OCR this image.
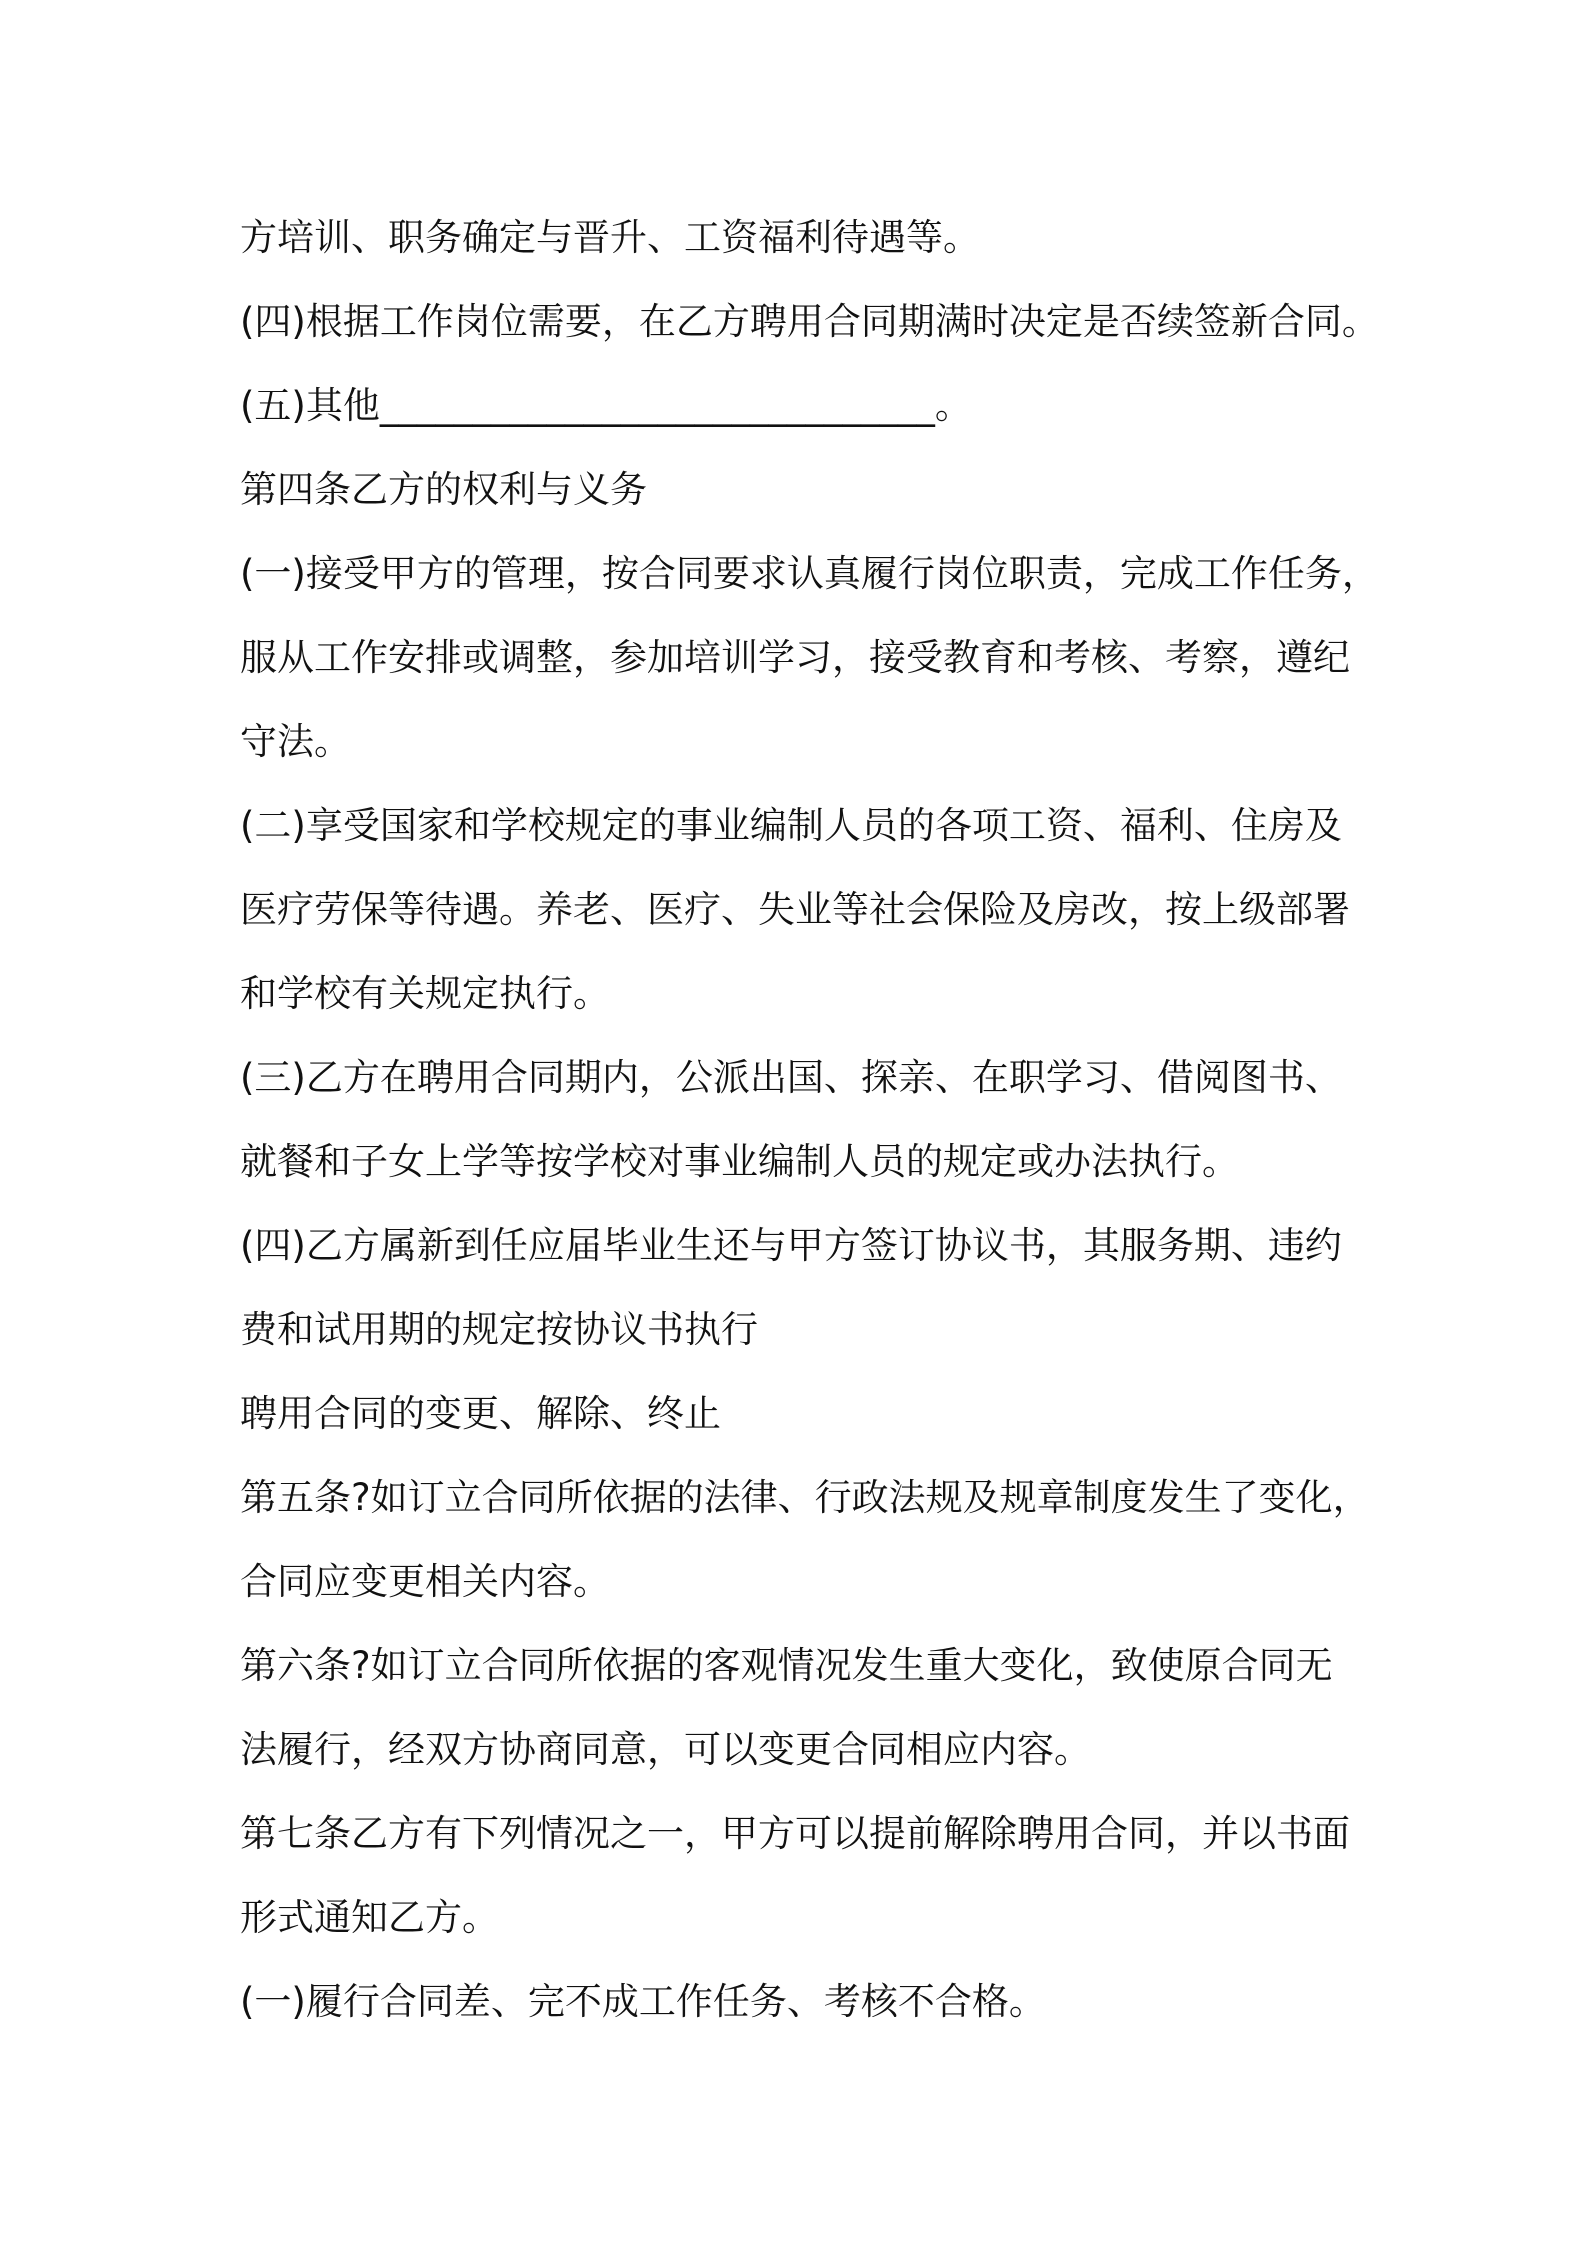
方培训、职务确定与晋升、工资福利待遇等。
(四)根据工作岗位需要，在乙方聘用合同期满时决定是否续签新合同。
(五)其他______________________________。
第四条乙方的权利与义务
(一)接受甲方的管理，按合同要求认真履行岗位职责，完成工作任务，
服从工作安排或调整，参加培训学习，接受教育和考核、考察，遵纪
守法。
(二)享受国家和学校规定的事业编制人员的各项工资、福利、住房及
医疗劳保等待遇。养老、医疗、失业等社会保险及房改，按上级部署
和学校有关规定执行。
(三)乙方在聘用合同期内，公派出国、探亲、在职学习、借阅图书、
就餐和子女上学等按学校对事业编制人员的规定或办法执行。
(四)乙方属新到任应届毕业生还与甲方签订协议书，其服务期、违约
费和试用期的规定按协议书执行
聘用合同的变更、解除、终止
第五条?如订立合同所依据的法律、行政法规及规章制度发生了变化，
合同应变更相关内容。
第六条?如订立合同所依据的客观情况发生重大变化，致使原合同无
法履行，经双方协商同意，可以变更合同相应内容。
第七条乙方有下列情况之一，甲方可以提前解除聘用合同，并以书面
形式通知乙方。
(一)履行合同差、完不成工作任务、考核不合格。
